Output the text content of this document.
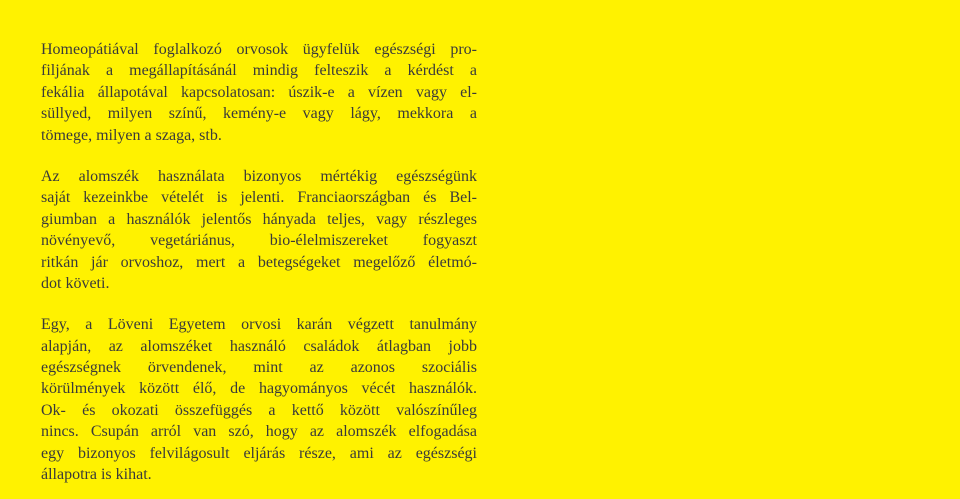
Homeopátiával foglalkozó orvosok ügyfelük egészségi pro-
filjának a megállapításánál mindig felteszik a kérdést a
fekália állapotával kapcsolatosan: úszik-e a vízen vagy el-
süllyed, milyen színű, kemény-e vagy lágy, mekkora a
tömege, milyen a szaga, stb.
Az alomszék használata bizonyos mértékig egészségünk
saját kezeinkbe vételét is jelenti. Franciaországban és Bel-
giumban a használók jelentős hányada teljes, vagy részleges
növényevő, vegetáriánus, bio-élelmiszereket fogyaszt
ritkán jár orvoshoz, mert a betegségeket megelőző életmó-
dot követi.
Egy, a Löveni Egyetem orvosi karán végzett tanulmány
alapján, az alomszéket használó családok átlagban jobb
egészségnek örvendenek, mint az azonos szociális
körülmények között élő, de hagyományos vécét használók.
Ok- és okozati összefüggés a kettő között valószínűleg
nincs. Csupán arról van szó, hogy az alomszék elfogadása
egy bizonyos felvilágosult eljárás része, ami az egészségi
állapotra is kihat.
